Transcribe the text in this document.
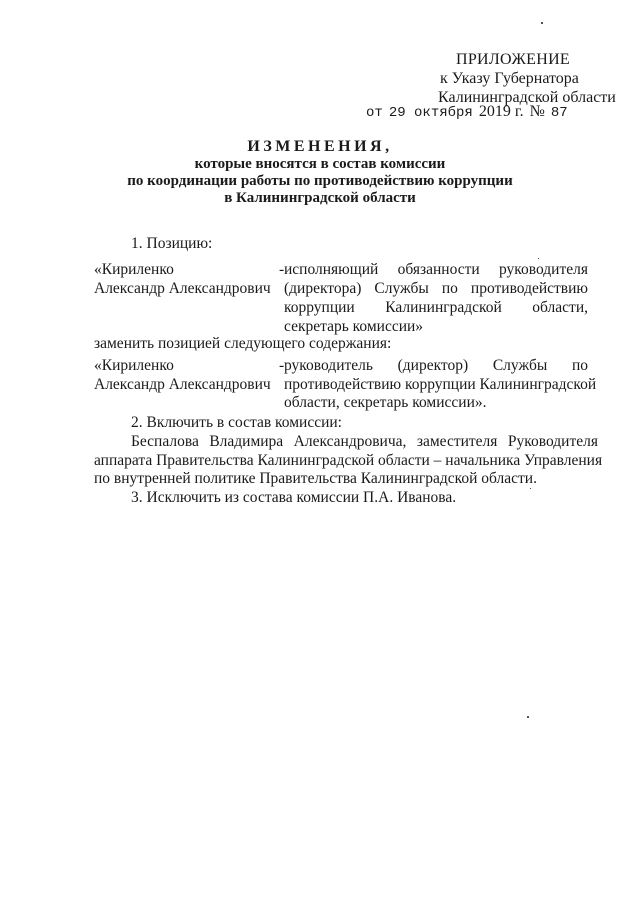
ПРИЛОЖЕНИЕ
к Указу Губернатора
Калининградской области
от 29 октября 2019 г. № 87
ИЗМЕНЕНИЯ,
которые вносятся в состав комиссии
по координации работы по противодействию коррупции
в Калининградской области
1. Позицию:
«Кириленко
Александр Александрович
- исполняющий обязанности руководителя
(директора) Службы по противодействию
коррупции Калининградской области,
секретарь комиссии»
заменить позицией следующего содержания:
«Кириленко
Александр Александрович
- руководитель (директор) Службы по
противодействию коррупции Калининградской
области, секретарь комиссии».
2. Включить в состав комиссии:
Беспалова Владимира Александровича, заместителя Руководителя
аппарата Правительства Калининградской области – начальника Управления
по внутренней политике Правительства Калининградской области.
3. Исключить из состава комиссии П.А. Иванова.
